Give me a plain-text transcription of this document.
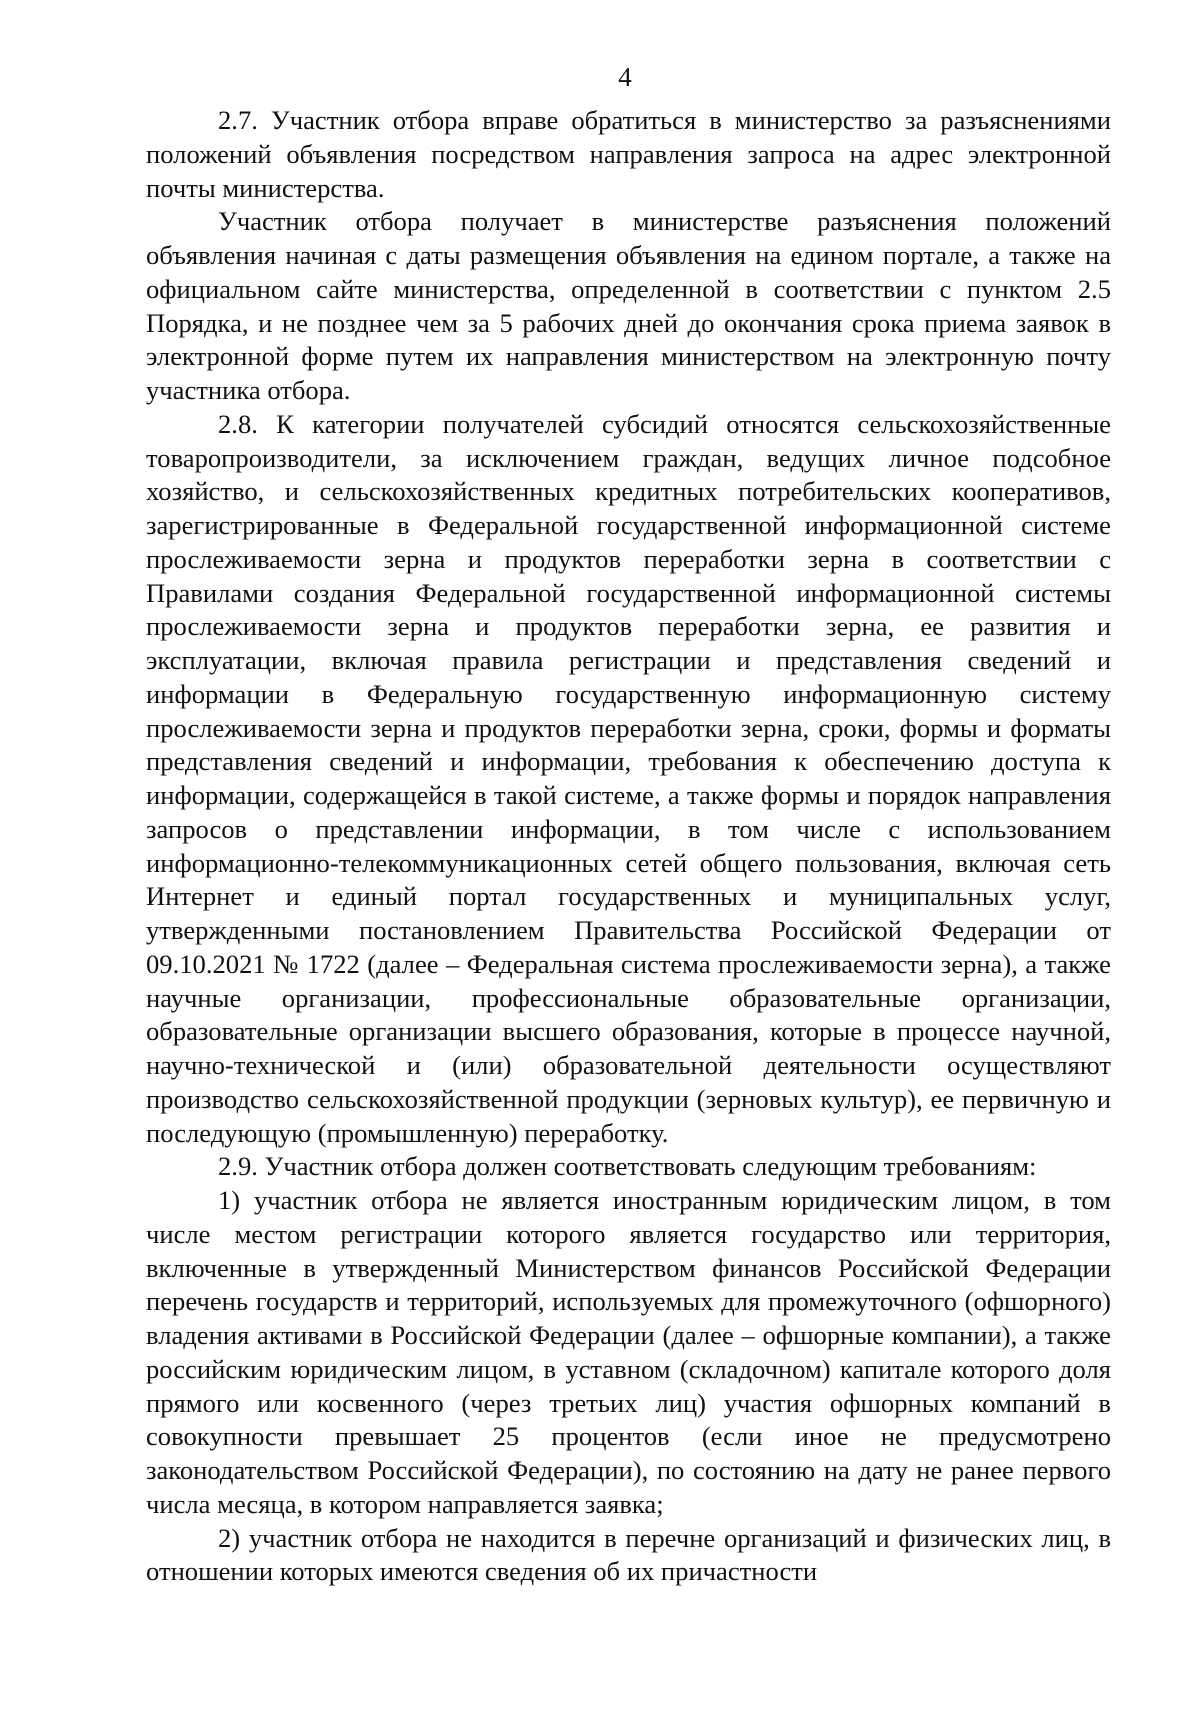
4

2.7. Участник отбора вправе обратиться в министерство за разъяснениями положений объявления посредством направления запроса на адрес электронной почты министерства.

Участник отбора получает в министерстве разъяснения положений объявления начиная с даты размещения объявления на едином портале, а также на официальном сайте министерства, определенной в соответствии с пунктом 2.5 Порядка, и не позднее чем за 5 рабочих дней до окончания срока приема заявок в электронной форме путем их направления министерством на электронную почту участника отбора.

2.8. К категории получателей субсидий относятся сельскохозяйственные товаропроизводители, за исключением граждан, ведущих личное подсобное хозяйство, и сельскохозяйственных кредитных потребительских кооперативов, зарегистрированные в Федеральной государственной информационной системе прослеживаемости зерна и продуктов переработки зерна в соответствии с Правилами создания Федеральной государственной информационной системы прослеживаемости зерна и продуктов переработки зерна, ее развития и эксплуатации, включая правила регистрации и представления сведений и информации в Федеральную государственную информационную систему прослеживаемости зерна и продуктов переработки зерна, сроки, формы и форматы представления сведений и информации, требования к обеспечению доступа к информации, содержащейся в такой системе, а также формы и порядок направления запросов о представлении информации, в том числе с использованием информационно-телекоммуникационных сетей общего пользования, включая сеть Интернет и единый портал государственных и муниципальных услуг, утвержденными постановлением Правительства Российской Федерации от 09.10.2021 № 1722 (далее – Федеральная система прослеживаемости зерна), а также научные организации, профессиональные образовательные организации, образовательные организации высшего образования, которые в процессе научной, научно-технической и (или) образовательной деятельности осуществляют производство сельскохозяйственной продукции (зерновых культур), ее первичную и последующую (промышленную) переработку.

2.9. Участник отбора должен соответствовать следующим требованиям:

1) участник отбора не является иностранным юридическим лицом, в том числе местом регистрации которого является государство или территория, включенные в утвержденный Министерством финансов Российской Федерации перечень государств и территорий, используемых для промежуточного (офшорного) владения активами в Российской Федерации (далее – офшорные компании), а также российским юридическим лицом, в уставном (складочном) капитале которого доля прямого или косвенного (через третьих лиц) участия офшорных компаний в совокупности превышает 25 процентов (если иное не предусмотрено законодательством Российской Федерации), по состоянию на дату не ранее первого числа месяца, в котором направляется заявка;

2) участник отбора не находится в перечне организаций и физических лиц, в отношении которых имеются сведения об их причастности
